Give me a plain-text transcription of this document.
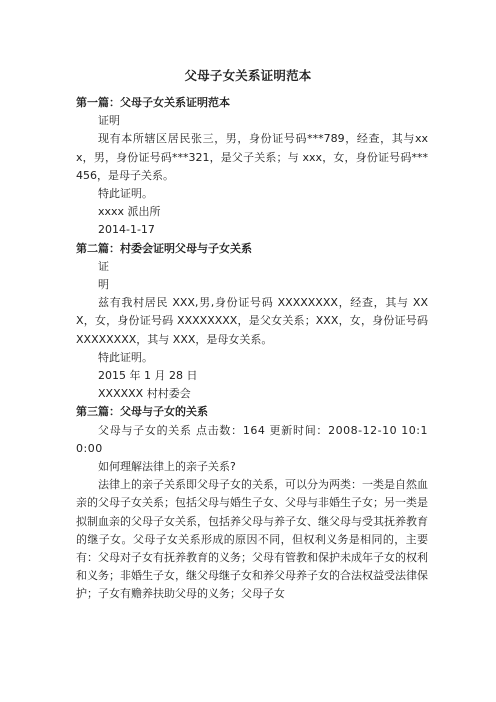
父母子女关系证明范本

第一篇：父母子女关系证明范本

证明

现有本所辖区居民张三，男，身份证号码***789，经查，其与xxx，男，身份证号码***321，是父子关系；与 xxx，女，身份证号码***456，是母子关系。

特此证明。

xxxx 派出所

2014-1-17

第二篇：村委会证明父母与子女关系

证

明

兹有我村居民 XXX,男,身份证号码 XXXXXXXX，经查，其与 XXX，女，身份证号码 XXXXXXXX，是父女关系；XXX，女，身份证号码XXXXXXXX，其与 XXX，是母女关系。

特此证明。

2015 年 1 月 28 日

XXXXXX 村村委会

第三篇：父母与子女的关系

父母与子女的关系 点击数：164 更新时间：2008-12-10 10:10:00

如何理解法律上的亲子关系?

法律上的亲子关系即父母子女的关系，可以分为两类：一类是自然血亲的父母子女关系；包括父母与婚生子女、父母与非婚生子女；另一类是拟制血亲的父母子女关系，包括养父母与养子女、继父母与受其抚养教育的继子女。父母子女关系形成的原因不同，但权利义务是相同的，主要有：父母对子女有抚养教育的义务；父母有管教和保护未成年子女的权利和义务；非婚生子女，继父母继子女和养父母养子女的合法权益受法律保护；子女有赡养扶助父母的义务；父母子女
